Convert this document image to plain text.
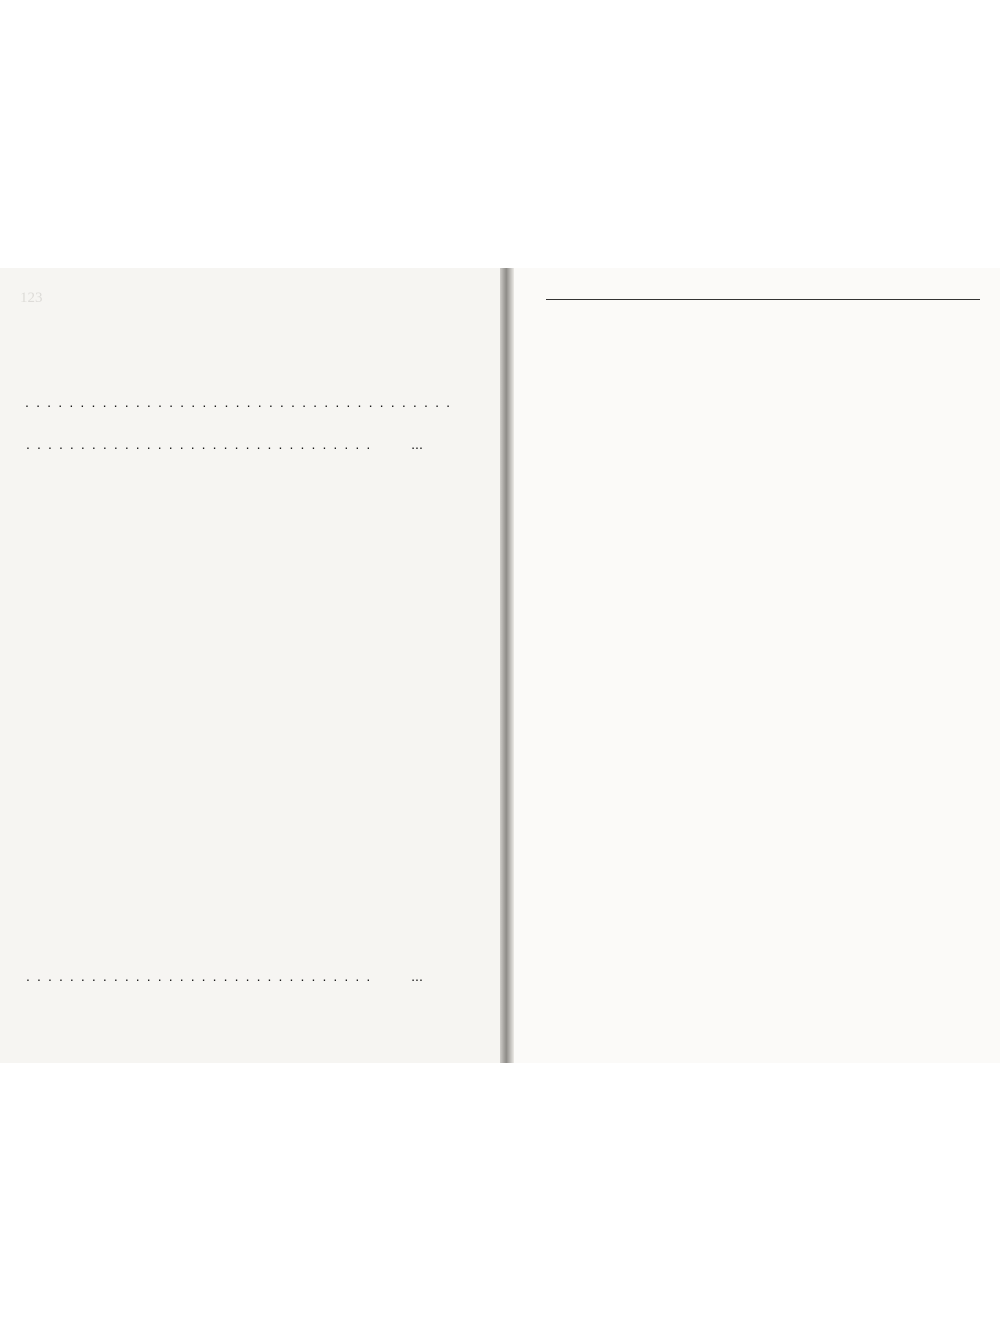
123
. . .
. . .
...
. . .
...
